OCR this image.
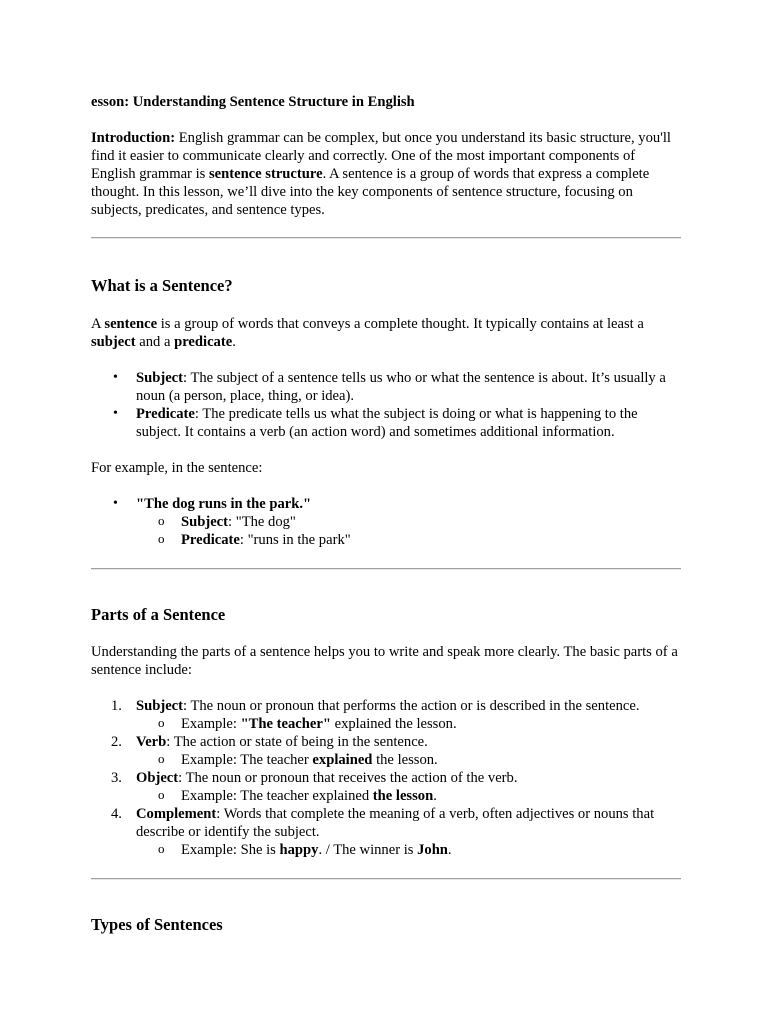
esson: Understanding Sentence Structure in English

Introduction: English grammar can be complex, but once you understand its basic structure, you'll find it easier to communicate clearly and correctly. One of the most important components of English grammar is sentence structure. A sentence is a group of words that express a complete thought. In this lesson, we’ll dive into the key components of sentence structure, focusing on subjects, predicates, and sentence types.

What is a Sentence?

A sentence is a group of words that conveys a complete thought. It typically contains at least a subject and a predicate.

• Subject: The subject of a sentence tells us who or what the sentence is about. It’s usually a noun (a person, place, thing, or idea).
• Predicate: The predicate tells us what the subject is doing or what is happening to the subject. It contains a verb (an action word) and sometimes additional information.

For example, in the sentence:

• "The dog runs in the park."
o Subject: "The dog"
o Predicate: "runs in the park"
Parts of a Sentence

Understanding the parts of a sentence helps you to write and speak more clearly. The basic parts of a sentence include:

1. Subject: The noun or pronoun that performs the action or is described in the sentence.
o Example: "The teacher" explained the lesson.
2. Verb: The action or state of being in the sentence.
o Example: The teacher explained the lesson.
3. Object: The noun or pronoun that receives the action of the verb.
o Example: The teacher explained the lesson.
4. Complement: Words that complete the meaning of a verb, often adjectives or nouns that describe or identify the subject.
o Example: She is happy. / The winner is John.
Types of Sentences
